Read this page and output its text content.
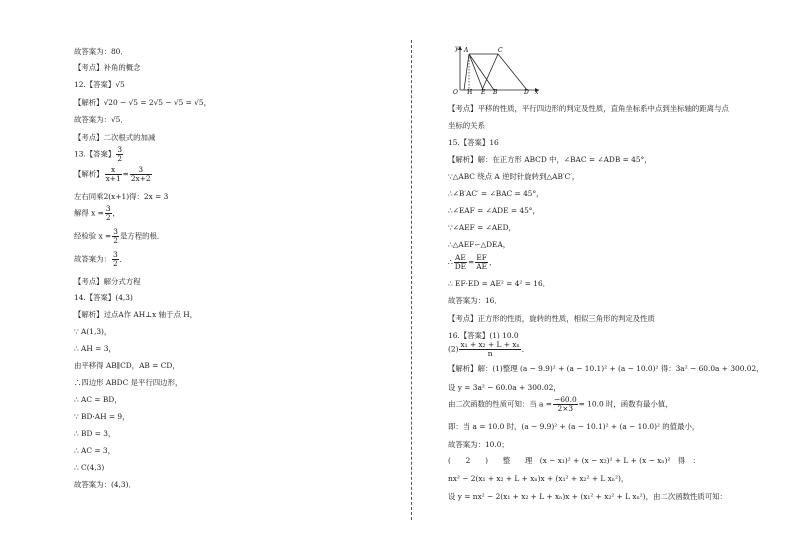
故答案为：80．
【考点】补角的概念
12.【答案】√5
【解析】√20 − √5 = 2√5 − √5 = √5，
故答案为：√5．
【考点】二次根式的加减
13.【答案】 $\frac{3}{2}$
【解析】 $\frac{x}{x+1} = \frac{3}{2x+2}$
左右同乘2(x+1)得：2x = 3
解得 $x = \frac{3}{2}$ ，
经检验 $x = \frac{3}{2}$ 是方程的根．
故答案为： $\frac{3}{2}$ ．
【考点】解分式方程
14.【答案】(4,3)
【解析】过点A作 AH⊥x 轴于点 H，
∵ A(1,3)，
∴ AH = 3，
由平移得 AB∥CD，AB = CD，
∴四边形 ABDC 是平行四边形，
∴ AC = BD，
∵ BD·AH = 9，
∴ BD = 3，
∴ AC = 3，
∴ C(4,3)
故答案为：(4,3)．
y A	C
O H E B	D x
【考点】平移的性质，平行四边形的判定及性质，直角坐标系中点到坐标轴的距离与点
坐标的关系
15.【答案】16
【解析】解：在正方形 ABCD 中，∠BAC = ∠ADB = 45°，
∵△ABC 绕点 A 逆时针旋转到△AB′C′，
∴∠B′AC′ = ∠BAC = 45°，
∴∠EAF = ∠ADE = 45°，
∵∠AEF = ∠AED，
∴△AEF∽△DEA，
∴ $\frac{AE}{DE} = \frac{EF}{AE}$ ，
∴ EF·ED = AE² = 4² = 16．
故答案为：16．
【考点】正方形的性质，旋转的性质，相似三角形的判定及性质
16.【答案】(1) 10.0
$(2) \frac{\text{x₁ + x₂ + L + xₙ}}{n}$ ．
【解析】解：(1)整理 (a − 9.9)² + (a − 10.1)² + (a − 10.0)² 得：3a² − 60.0a + 300.02，
设 y = 3a² − 60.0a + 300.02，
由二次函数的性质可知：当 $a = \frac{-60.0}{2\times 3} = 10.0$ 时，函数有最小值，
即：当 a = 10.0 时，(a − 9.9)² + (a − 10.1)² + (a − 10.0)² 的值最小，
故答案为：10.0；
(　　2　　)　　整　　理　(x − x₁)² + (x − x₂)² + L + (x − xₙ)²　得　：
nx² − 2(x₁ + x₂ + L + xₙ)x + (x₁² + x₂² + L xₙ²)，
设 y = nx² − 2(x₁ + x₂ + L + xₙ)x + (x₁² + x₂² + L xₙ²)，由二次函数性质可知：
